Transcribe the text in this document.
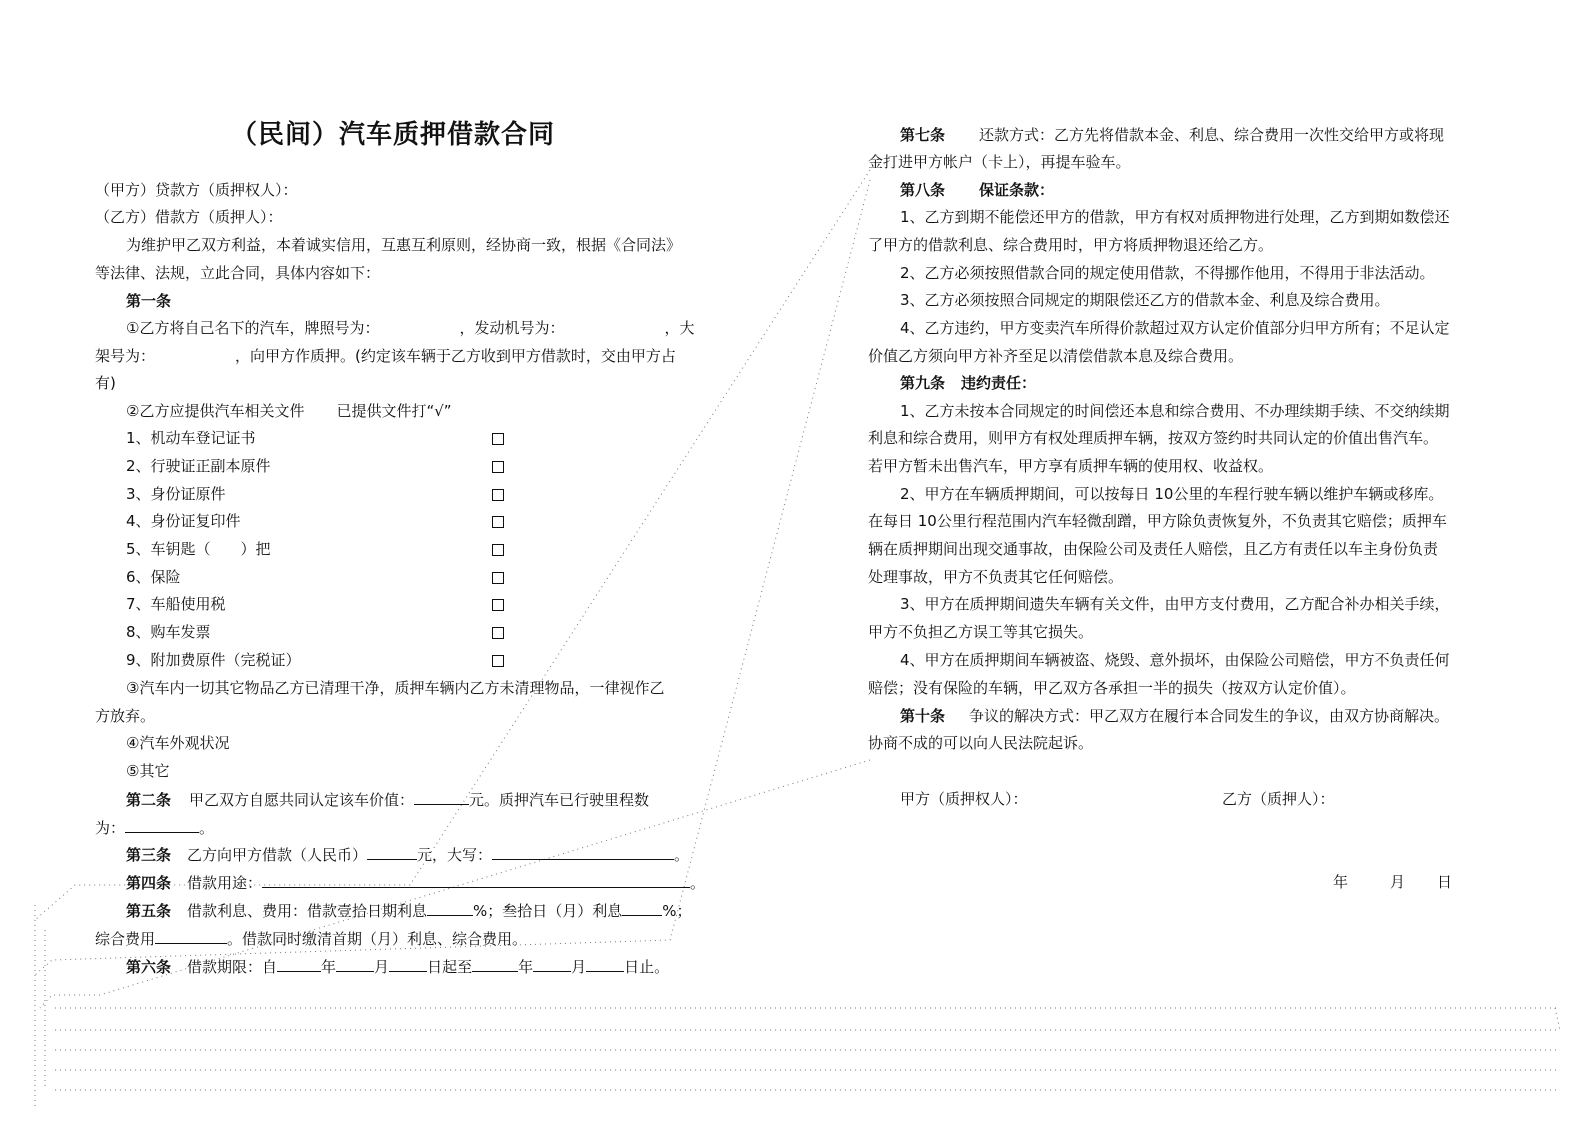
（民间）汽车质押借款合同
（甲方）贷款方（质押权人）：
（乙方）借款方（质押人）：
为维护甲乙双方利益，本着诚实信用，互惠互利原则，经协商一致，根据《合同法》
等法律、法规，立此合同，具体内容如下：
第一条
①乙方将自己名下的汽车，牌照号为：	，发动机号为：	，大
架号为：	，向甲方作质押。(约定该车辆于乙方收到甲方借款时，交由甲方占
有)
②乙方应提供汽车相关文件 已提供文件打“√”
1、机动车登记证书
2、行驶证正副本原件
3、身份证原件
4、身份证复印件
5、车钥匙（　　）把
6、保险
7、车船使用税
8、购车发票
9、附加费原件（完税证）
③汽车内一切其它物品乙方已清理干净，质押车辆内乙方未清理物品，一律视作乙
方放弃。
④汽车外观状况
⑤其它
第二条 甲乙双方自愿共同认定该车价值：	元。质押汽车已行驶里程数
为：	。
第三条 乙方向甲方借款（人民币）	元，大写：	。
第四条 借款用途：	。
第五条 借款利息、费用：借款壹拾日期利息	%；叁拾日（月）利息	%；
综合费用	。借款同时缴清首期（月）利息、综合费用。
第六条 借款期限：自	年	月	日起至	年	月	日止。
第七条 还款方式：乙方先将借款本金、利息、综合费用一次性交给甲方或将现
金打进甲方帐户（卡上），再提车验车。
第八条 保证条款：
1、乙方到期不能偿还甲方的借款，甲方有权对质押物进行处理，乙方到期如数偿还
了甲方的借款利息、综合费用时，甲方将质押物退还给乙方。
2、乙方必须按照借款合同的规定使用借款，不得挪作他用，不得用于非法活动。
3、乙方必须按照合同规定的期限偿还乙方的借款本金、利息及综合费用。
4、乙方违约，甲方变卖汽车所得价款超过双方认定价值部分归甲方所有；不足认定
价值乙方须向甲方补齐至足以清偿借款本息及综合费用。
第九条 违约责任：
1、乙方未按本合同规定的时间偿还本息和综合费用、不办理续期手续、不交纳续期
利息和综合费用，则甲方有权处理质押车辆，按双方签约时共同认定的价值出售汽车。
若甲方暂未出售汽车，甲方享有质押车辆的使用权、收益权。
2、甲方在车辆质押期间，可以按每日 10公里的车程行驶车辆以维护车辆或移库。
在每日 10公里行程范围内汽车轻微刮蹭，甲方除负责恢复外，不负责其它赔偿；质押车
辆在质押期间出现交通事故，由保险公司及责任人赔偿，且乙方有责任以车主身份负责
处理事故，甲方不负责其它任何赔偿。
3、甲方在质押期间遗失车辆有关文件，由甲方支付费用，乙方配合补办相关手续，
甲方不负担乙方误工等其它损失。
4、甲方在质押期间车辆被盗、烧毁、意外损坏，由保险公司赔偿，甲方不负责任何
赔偿；没有保险的车辆，甲乙双方各承担一半的损失（按双方认定价值）。
第十条 争议的解决方式：甲乙双方在履行本合同发生的争议，由双方协商解决。
协商不成的可以向人民法院起诉。
甲方（质押权人）：	乙方（质押人）：
年	月 日
